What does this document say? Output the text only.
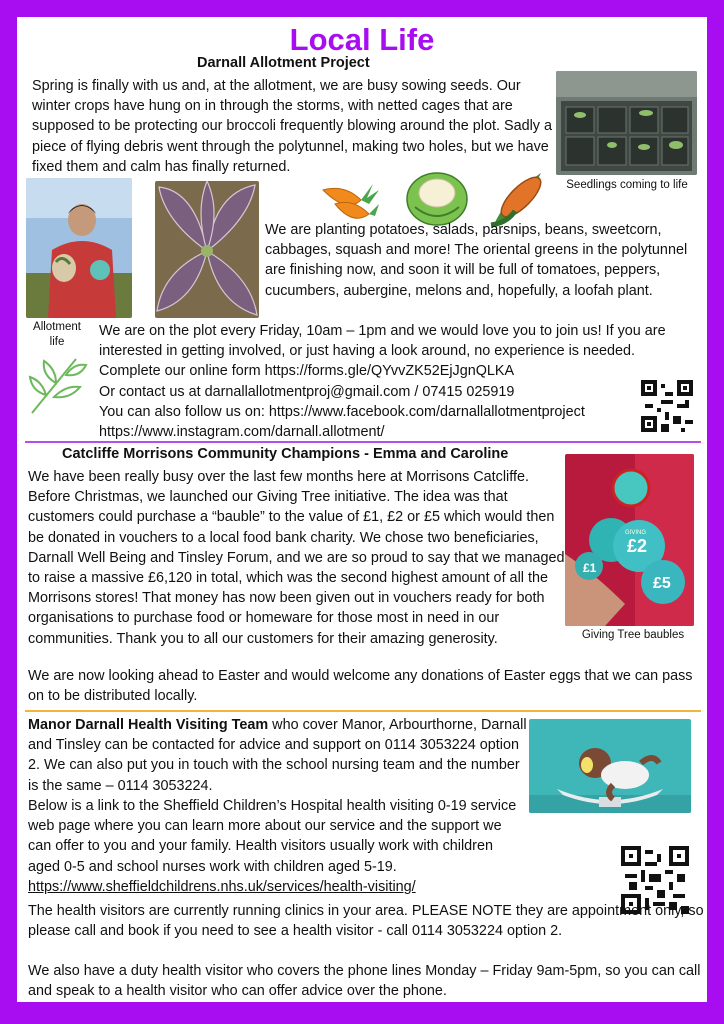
Local Life
Darnall Allotment Project
Spring is finally with us and, at the allotment, we are busy sowing seeds. Our winter crops have hung on in through the storms, with netted cages that are supposed to be protecting our broccoli frequently blowing around the plot. Sadly a piece of flying debris went through the polytunnel, making two holes, but we have fixed them and calm has finally returned.
Seedlings coming to life
Allotment
life
We are planting potatoes, salads, parsnips, beans, sweetcorn, cabbages, squash and more! The oriental greens in the polytunnel are finishing now, and soon it will be full of tomatoes, peppers, cucumbers, aubergine, melons and, hopefully, a loofah plant.

We are on the plot every Friday, 10am – 1pm and we would love you to join us! If you are interested in getting involved, or just having a look around, no experience is needed.

Complete our online form https://forms.gle/QYvvZK52EjJgnQLKA

Or contact us at darnallallotmentproj@gmail.com / 07415 025919

You can also follow us on: https://www.facebook.com/darnallallotmentproject

https://www.instagram.com/darnall.allotment/

Catcliffe Morrisons Community Champions - Emma and Caroline
We have been really busy over the last few months here at Morrisons Catcliffe. Before Christmas, we launched our Giving Tree initiative. The idea was that customers could purchase a “bauble” to the value of £1, £2 or £5 which would then be donated in vouchers to a local food bank charity. We chose two beneficiaries, Darnall Well Being and Tinsley Forum, and we are so proud to say that we managed to raise a massive £6,120 in total, which was the second highest amount of all the Morrisons stores! That money has now been given out in vouchers ready for both organisations to purchase food or homeware for those most in need in our communities. Thank you to all our customers for their amazing generosity.
£1
£2
£5
GIVING
Giving Tree baubles
We are now looking ahead to Easter and would welcome any donations of Easter eggs that we can pass on to be distributed locally.

Manor Darnall Health Visiting Team who cover Manor, Arbourthorne, Darnall and Tinsley can be contacted for advice and support on 0114 3053224 option 2. We can also put you in touch with the school nursing team and the number is the same – 0114 3053224.

Below is a link to the Sheffield Children’s Hospital health visiting 0-19 service web page where you can learn more about our service and the support we can offer to you and your family. Health visitors usually work with children aged 0-5 and school nurses work with children aged 5-19.
https://www.sheffieldchildrens.nhs.uk/services/health-visiting/
The health visitors are currently running clinics in your area. PLEASE NOTE they are appointment only, so please call and book if you need to see a health visitor - call 0114 3053224 option 2.
We also have a duty health visitor who covers the phone lines Monday – Friday 9am-5pm, so you can call and speak to a health visitor who can offer advice over the phone.
